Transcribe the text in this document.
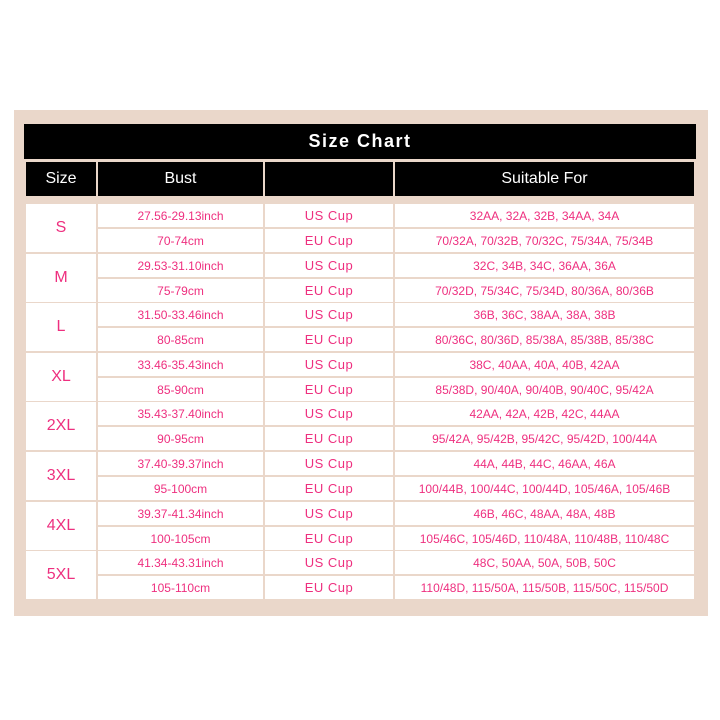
Size Chart
Size	Bust	Suitable For
S
27.56-29.13inch
70-74cm
US Cup
EU Cup
32AA, 32A, 32B, 34AA, 34A
70/32A, 70/32B, 70/32C, 75/34A, 75/34B
M
29.53-31.10inch
75-79cm
US Cup
EU Cup
32C, 34B, 34C, 36AA, 36A
70/32D, 75/34C, 75/34D, 80/36A, 80/36B
L
31.50-33.46inch
80-85cm
US Cup
EU Cup
36B, 36C, 38AA, 38A, 38B
80/36C, 80/36D, 85/38A, 85/38B, 85/38C
XL
33.46-35.43inch
85-90cm
US Cup
EU Cup
38C, 40AA, 40A, 40B, 42AA
85/38D, 90/40A, 90/40B, 90/40C, 95/42A
2XL
35.43-37.40inch
90-95cm
US Cup
EU Cup
42AA, 42A, 42B, 42C, 44AA
95/42A, 95/42B, 95/42C, 95/42D, 100/44A
3XL
37.40-39.37inch
95-100cm
US Cup
EU Cup
44A, 44B, 44C, 46AA, 46A
100/44B, 100/44C, 100/44D, 105/46A, 105/46B
4XL
39.37-41.34inch
100-105cm
US Cup
EU Cup
46B, 46C, 48AA, 48A, 48B
105/46C, 105/46D, 110/48A, 110/48B, 110/48C
5XL
41.34-43.31inch
105-110cm
US Cup
EU Cup
48C, 50AA, 50A, 50B, 50C
110/48D, 115/50A, 115/50B, 115/50C, 115/50D
